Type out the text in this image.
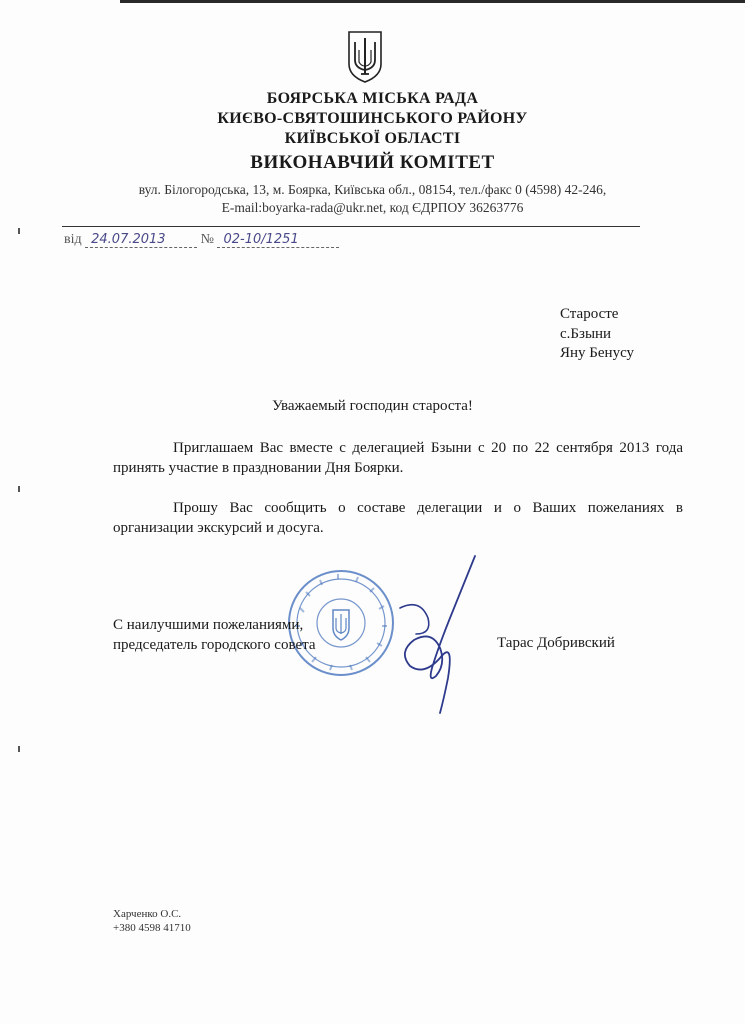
БОЯРСЬКА МІСЬКА РАДА
КИЄВО-СВЯТОШИНСЬКОГО РАЙОНУ
КИЇВСЬКОЇ ОБЛАСТІ
ВИКОНАВЧИЙ КОМІТЕТ
вул. Білогородська, 13, м. Боярка, Київська обл., 08154, тел./факс 0 (4598) 42-246,
E-mail:boyarka-rada@ukr.net, код ЄДРПОУ 36263776
від 24.07.2013	№ 02-10/1251
Старосте
с.Бзыни
Яну Бенусу
Уважаемый господин староста!
Приглашаем Вас вместе с делегацией Бзыни с 20 по 22 сентября 2013 года принять участие в праздновании Дня Боярки.
Прошу Вас сообщить о составе делегации и о Ваших пожеланиях в организации экскурсий и досуга.
С наилучшими пожеланиями,
председатель городского совета	Тарас Добривский
Харченко О.С.
+380 4598 41710
